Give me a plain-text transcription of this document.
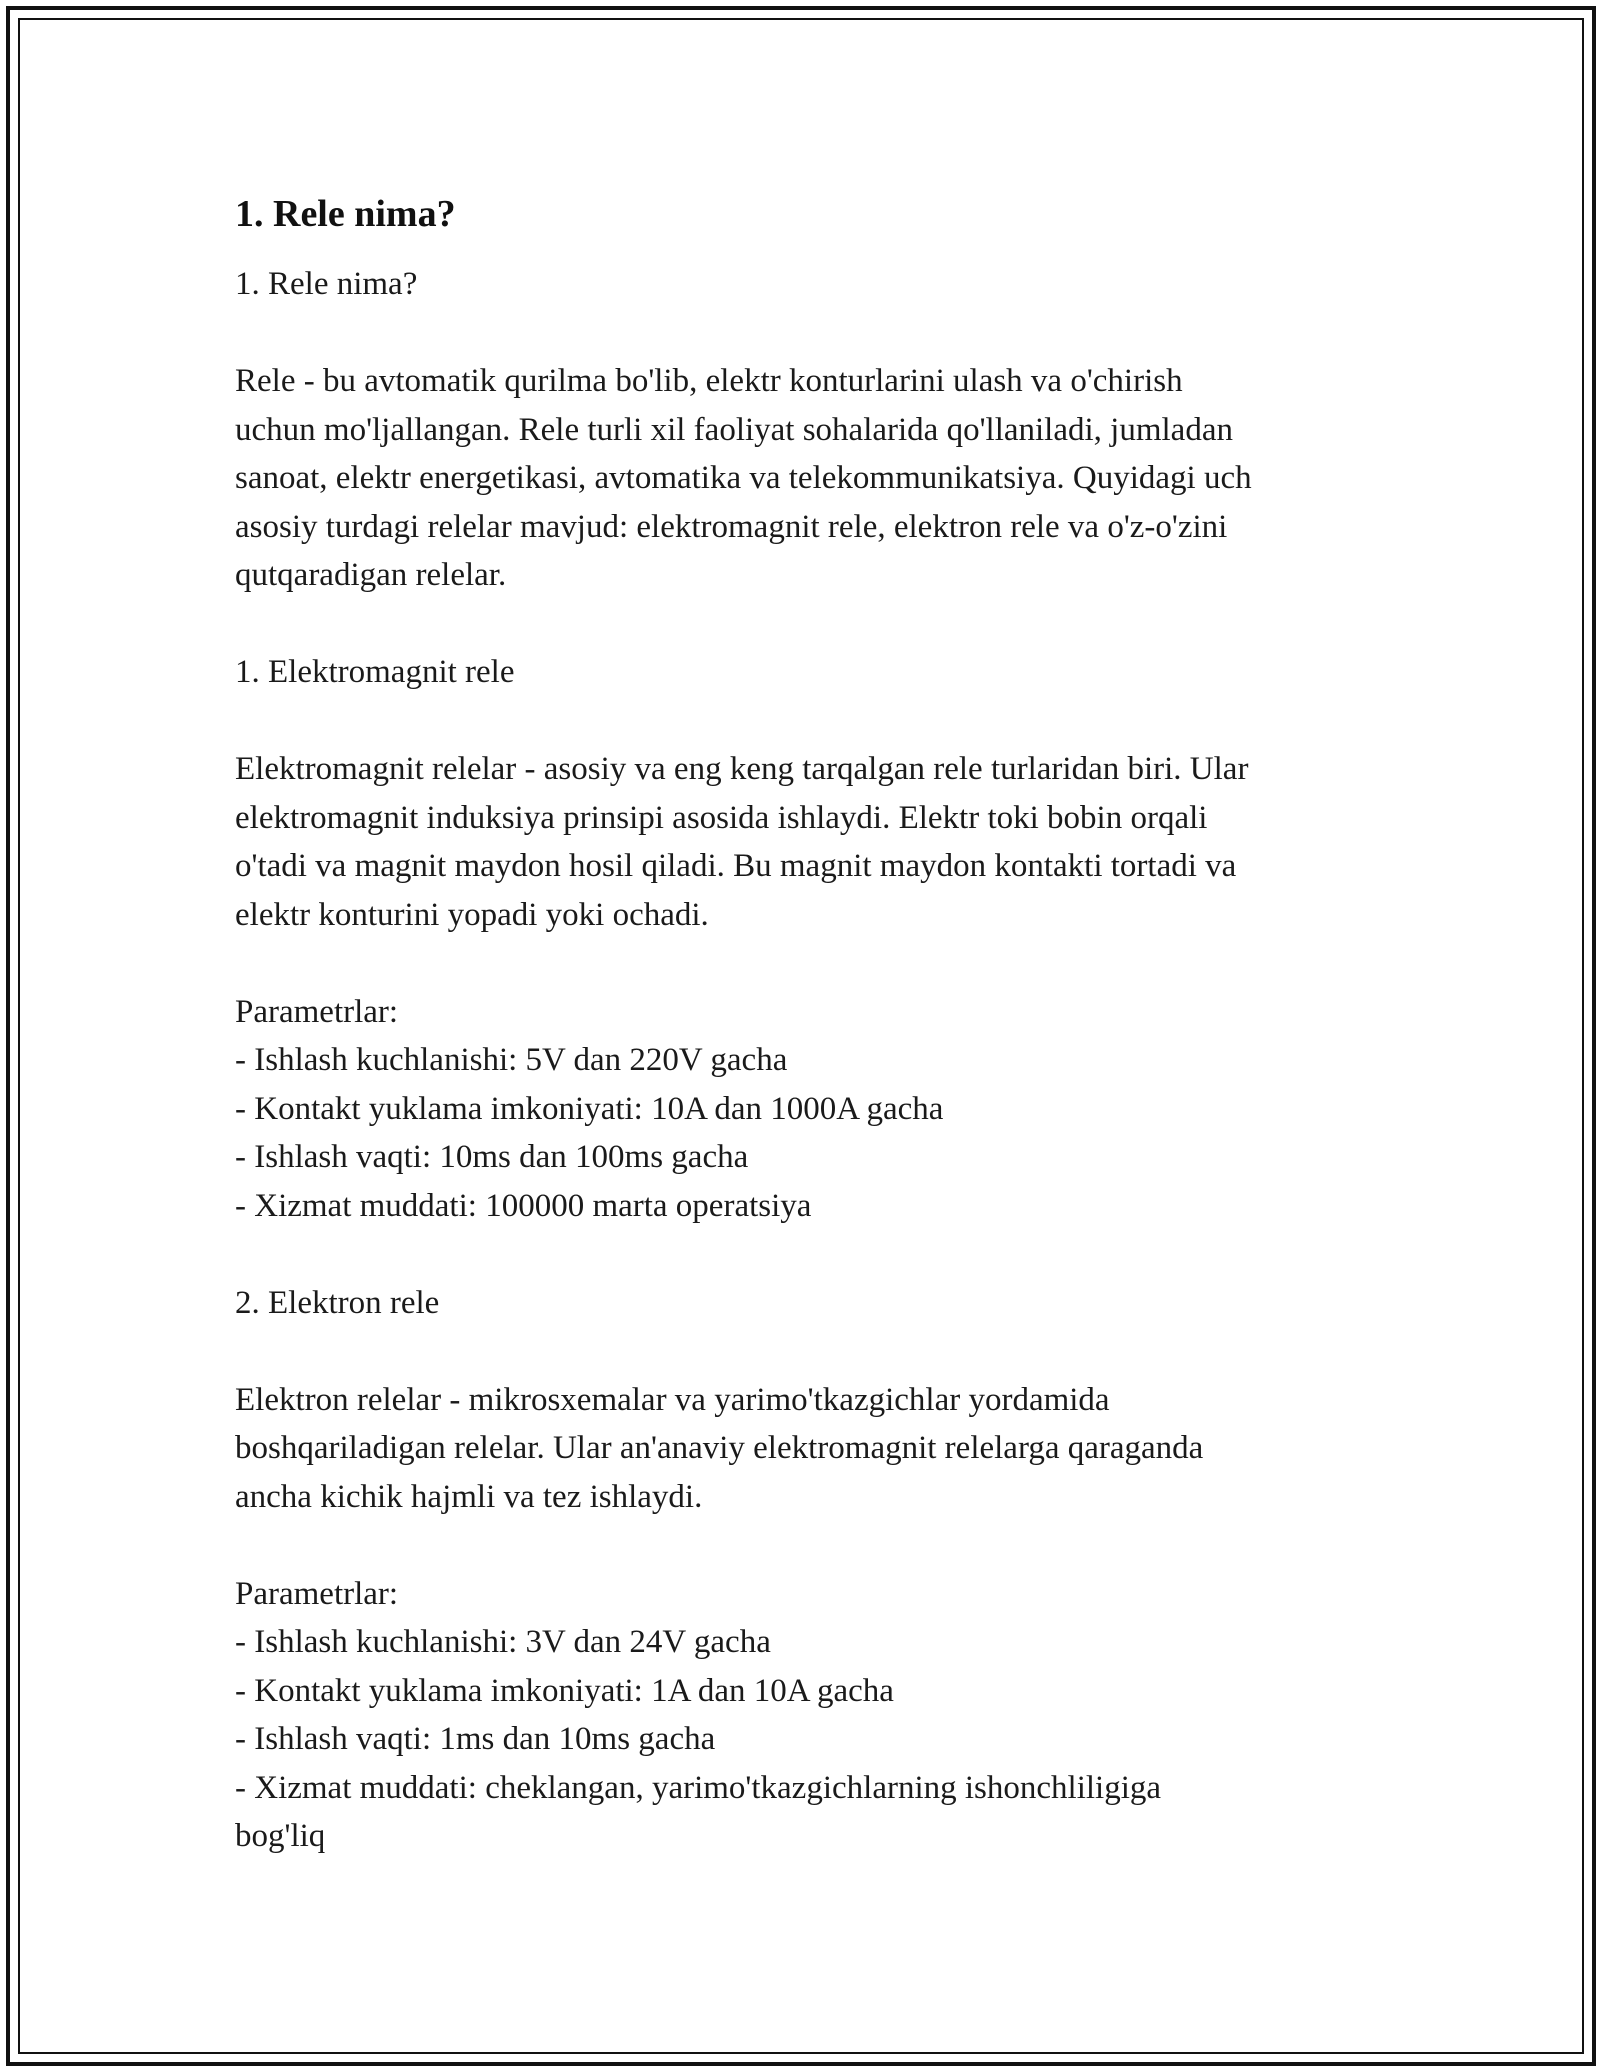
1. Rele nima?

1. Rele nima?

Rele - bu avtomatik qurilma bo'lib, elektr konturlarini ulash va o'chirish
uchun mo'ljallangan. Rele turli xil faoliyat sohalarida qo'llaniladi, jumladan
sanoat, elektr energetikasi, avtomatika va telekommunikatsiya. Quyidagi uch
asosiy turdagi relelar mavjud: elektromagnit rele, elektron rele va o'z-o'zini
qutqaradigan relelar.

1. Elektromagnit rele

Elektromagnit relelar - asosiy va eng keng tarqalgan rele turlaridan biri. Ular
elektromagnit induksiya prinsipi asosida ishlaydi. Elektr toki bobin orqali
o'tadi va magnit maydon hosil qiladi. Bu magnit maydon kontakti tortadi va
elektr konturini yopadi yoki ochadi.

Parametrlar:
- Ishlash kuchlanishi: 5V dan 220V gacha
- Kontakt yuklama imkoniyati: 10A dan 1000A gacha
- Ishlash vaqti: 10ms dan 100ms gacha
- Xizmat muddati: 100000 marta operatsiya

2. Elektron rele

Elektron relelar - mikrosxemalar va yarimo'tkazgichlar yordamida
boshqariladigan relelar. Ular an'anaviy elektromagnit relelarga qaraganda
ancha kichik hajmli va tez ishlaydi.

Parametrlar:
- Ishlash kuchlanishi: 3V dan 24V gacha
- Kontakt yuklama imkoniyati: 1A dan 10A gacha
- Ishlash vaqti: 1ms dan 10ms gacha
- Xizmat muddati: cheklangan, yarimo'tkazgichlarning ishonchliligiga
bog'liq
